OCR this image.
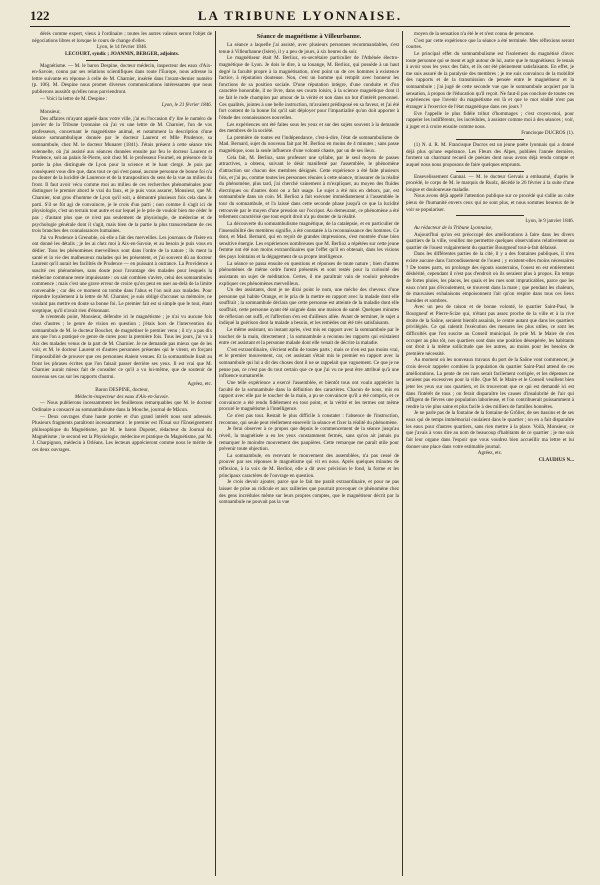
122	LA TRIBUNE LYONNAISE.

dérés comme expert, vieux à l'ordinaire ; toutes les autres valeurs seront l'objet de négociations libres et lorsque le cours de change d'elles.

Lyon, le 14 février 1846.

LECOURT, syndic ; JOANNIN, BERGER, adjoints.

Magnétisme. — M. le baron Despine, docteur médecin, inspecteur des eaux d'Aix-en-Savoie, connu par ses relations scientifiques dans toute l'Europe, nous adresse la lettre suivante en réponse à celle de M. Charnier, insérée dans l'avant-dernier numéro (p. 106). M. Despine nous promet diverses communications intéressantes que nous publierons aussitôt qu'elles nous parviendront.

— Voici la lettre de M. Despine :

Lyon, le 21 février 1846.

Monsieur,

Des affaires m'ayant appelé dans votre ville, j'ai eu l'occasion d'y lire le numéro de janvier de la Tribune lyonnaise où j'ai vu une lettre de M. Charnier, l'un de vos professeurs, concernant le magnétisme animal, et notamment la description d'une séance somnambulique donnée par le docteur Laurent et Mlle Prudence, sa somnambule, chez M. le docteur Munaret (1841). J'étais présent à cette séance très solennelle, où j'ai assisté aux séances données ensuite par feu le docteur Laurent et Prudence, soit au palais St-Pierre, soit chez M. le professeur Fournel, en présence de la partie la plus distinguée de Lyon pour la science et le haut clergé. Je puis par conséquent vous dire que, dans tout ce qui s'est passé, aucune personne de bonne foi n'a pu douter de la lucidité de Laurence et de la transposition du sens de la vue au milieu du front. Il faut avoir vécu comme moi au milieu de ces recherches phénoménales pour distinguer le premier abord le vrai du faux, et je puis vous assurer, Monsieur, que M. Charnier, tout gros d'homme de Lyon qu'il soit, a démontré plusieurs fois cela dans le parti. S'il se fût agi de convaincre, je le crois d'un parti ; non comme il s'agit ici de physiologie, c'est un terrain tout autre et sur lequel je le prie de vouloir bien me céder le pas ; d'autant plus que ce n'est pas seulement de physiologie, de médecine et de psychologie générale dont il s'agit, mais bien de la partie la plus transcendante de ces trois branches des connaissances humaines.

J'ai vu Prudence à Grenoble, où elle a fait des merveilles. Les journaux de l'Isère en ont donné les détails ; je les ai chez moi à Aix-en-Savoie, et au besoin je puis vous en dédier. Tous les phénomènes merveilleux sont dans l'ordre de la nature ; ils ment la santé et la vie des malheureux malades qui les présentent, et j'ai souvent dû au docteur Laurent qu'il aurait les facilités de Prudence — en puissant à outrance. La Providence a suscité ces phénomènes, sans doute pour l'avantage des malades pour lesquels la médecine commune reste impuissante : on sait combien s'avère, celui des somnambules commence ; mais c'est une grave erreur de croire qu'on peut en user au-delà de la limite convenable ; car dès ce moment on tombe dans l'abus et l'on nuit aux malades. Pour répondre loyalement à la lettre de M. Charnier, je suis obligé d'accuser sa mémoire, ne voulant pas mettre en doute sa bonne foi. Le premier fait est si simple que le tout, étant sceptique, qu'il n'avait rien d'étonnant.

Je n'entends point, Monsieur, défendre ici le magnétisme ; je n'ai vu aucune fois chez d'autres ; le genre de vision en question ; j'étais hors de l'intervention du somnambule de M. le docteur Bouchet, de magnétiser le premier venu ; il n'y a pas dix ans que l'on a pratiqué ce genre de cures pour la première fois. Tous les jours, j'ai vu à Aix des malades venus de la part de M. Charnier. Je ne demande pas mieux que de les voir, et M. le docteur Laurent et d'autres personnes présentes qui le virent, en forçant l'impossibilité de prouver que ces personnes étaient venues. Et la somnambule lisait au front les phrases écrites que l'on faisait passer derrière ses yeux. Il est vrai que M. Charnier aurait mieux fait de consulter ce qu'il a vu lui-même, que de soutenir de nouveau ses cas sur les rapports d'autrui.

Agréez, etc.

Baron DESPINE, docteur,

Médecin-inspecteur des eaux d'Aix-en-Savoie.

— Nous publierons incessamment les feuilletons remarquables que M. le docteur Ordinaire a consacré au somnambulisme dans la Mouche, journal de Mâcon.

— Deux ouvrages d'une haute portée et d'un grand intérêt nous sont adressés. Plusieurs fragments paraîtront incessamment : le premier est l'Essai sur l'Enseignement philosophique du Magnétisme, par M. le baron Dupotet, rédacteur du Journal du Magnétisme ; le second est la Physiologie, médecine et pratique du Magnétisme, par M. J. Charpignon, médecin à Orléans. Les lecteurs apprécieront comme nous le mérite de ces deux ouvrages.

Séance de magnétisme à Villeurbanne.

La séance a laquelle j'ai assisté, avec plusieurs personnes recommandables, s'est tenue à Villeurbanne (Isère), il y a peu de jours, à six heures du soir.

Le magnétiseur était M. Berlioz, ex-secrétaire particulier de l'Athénée électro-magnétique de Lyon. Je dois le dire, à sa louange, M. Berlioz, qui possède à un haut degré la faculté propre à la magnétisation, n'est point un de ces hommes à existence factice, à réputation douteuse. Non, c'est un homme qui remplit avec honneur les fonctions de sa position sociale. D'une réputation intègre, d'une conduite et d'un caractère honorable, il ne livre, dans ses courts loisirs, à la science magnétique dont il ne fait le rude champion par amour de la vérité et non dans un but d'intérêt personnel. Ces qualités, jointes à une belle instruction, m'avaient prédisposé en sa faveur, et j'ai été fort content de la bonne foi qu'il sait déployer pour l'impartialité qu'on doit apporter à l'étude des connaissances nouvelles.

Les expériences ont été faites sous les yeux et sur des sujets souvent à la demande des membres de la société.

La première de toutes est l'indépendance, c'est-à-dire, l'état de somnambulisme de Mad. Bernard, sujet du nouveau fait par M. Berlioz en moins de 4 minutes ; sans passe magnétique, sous la seule influence d'une volonté chaste, par un de ses lieux.

Cela fait, M. Berlioz, sans professer une syllabe, par le seul moyen de passes attractives, a obtenu, suivant le désir manifesté par l'assemblée, le phénomène d'attraction sur chacun des membres désignés. Cette expérience a été faite plusieurs fois, et j'ai pu, comme toutes les personnes réunies à cette séance, m'assurer de la réalité du phénomène, plus tard, j'ai cherché vainement à m'expliquer, au moyen des fluides électriques ou d'autres dont on a fait usage. Le sujet a été mis en dehors, par, est somnambule dans un coin. M. Berlioz a fait exécuter immédiatement à l'assemblée le tour du somnambule, et l'a laissé dans cette seconde phase jusqu'à ce que la lucidité retrouvée par le moyen d'une pression sur l'occiput. Au demeurant, ce phénomène a été tellement caractérisé que tout esprit droit n'a pu douter de la réalité.

La découverte du somnambulisme magnétique, de la catalepsie, et en particulier de l'insensibilité des membres signifie, a été constatée à la reconnaissance des hommes. Ce dont, et Mad. Bernard, qui en reçoit de grandes impressions, s'est montrée d'une bien sensitive énergie. Les expériences nombreuses que M. Berlioz a répétées sur cette jeune femme ont été non moins extraordinaires que l'effet qu'il en obtenait, dans les visions des pays lointains et la dégagement de sa propre intelligence.

La séance se passa ensuite en questions et réponses de toute nature ; bien d'autres phénomènes de même ordre furent présentés et sont restés pour la curiosité des assistants un sujet de méditation. Certes, il me paraîtrait vain de vouloir prétendre expliquer ces phénomènes merveilleux.

Un des assistants, dont je ne dirai point le nom, une mèche des cheveux d'une personne qui habite Orange, et le pria de la mettre en rapport avec la malade dont elle souffrait ; la somnambule déclara que cette personne est atteinte de la maladie dont elle souffrait, cette personne ayant été soignée dans une maison de santé. Quelques minutes de réflexion ont suffi, et l'affection s'en est d'ailleurs allée. Avant de terminer, le sujet a indiqué la guérison dont la malade a besoin, et les remèdes ont été très satisfaisants.

Le même assistant, un instant après, s'est mis en rapport avec la somnambule par le toucher de la main, directement ; la somnambule a reconnu les rapports qui existaient entre cet assistant et la personne malade dont elle venait de décrire la maladie.

C'est extraordinaire, s'écrient enfin de toutes parts ; mais ce n'en est pas moins vrai, et le premier mouvement, car, cet assistant s'était mis le premier en rapport avec la somnambule qui lui a dit des choses dont il ne se rappelait que vaguement. Ce que je ne pense pas, ce n'est pas du tout certain que ce que j'ai vu ne peut être attribué qu'à une influence surnaturelle.

Une telle expérience a exercé l'assemblée, et bientôt tous ont voulu apprécier la faculté de la somnambule dans la définition des caractères. Chacun de nous, mis en rapport avec elle par le toucher de la main, a pu se convaincre qu'il a été compris, et ce convaincre a été rendu fidèlement en tout point, et la vérité et les termes ont même procuré le magnétisme à l'intelligence.

Ce n'est pas tout. Restait le plus difficile à constater : l'absence de l'instruction, reconnue, qui seule peut réellement ensevelir la séance et fixer la réalité du phénomène.

Je ferai observer à ce propos que depuis le commencement de la séance jusqu'au réveil, la magnétisée a eu les yeux constamment fermés, sans qu'on ait jamais pu remarquer le moindre mouvement des paupières. Cette remarque me paraît utile pour prévenir toute objection.

La somnambule, en recevant le mouvement des assemblées, n'a pas cessé de prouver par ses réponses le magnétisme qui vit en nous. Après quelques minutes de réflexion, à la voix de M. Berlioz, elle a dit avec précision le fond, la forme et les principaux caractères de l'ouvrage en question.

Je crois devoir ajouter, parce que le fait me paraît extraordinaire, et pour ne pas laisser de prise au ridicule et aux railleries que pourrait provoquer ce phénomène chez des gens incrédules même sur leurs propres comptes, que le magnétiseur décrit par la somnambule ne pouvait pas la vue

moyen de la sensation n'a été le et n'est connu de personne.

C'est par cette expérience que la séance a été terminée. Mes réflexions seront courtes.

Le principal effet du somnambulisme est l'isolement du magnétisé d'avec toute personne qui se meut et agit autour de lui, autre que le magnétiseur. Je tenais à avoir sous les yeux des faits, et ils ont été pleinement satisfaisants. En effet, je me suis assuré de la paralysie des membres ; je me suis convaincu de la mobilité des rapports et de la transmission de pensée entre le magnétiseur et la somnambule ; j'ai jugé de cette seconde vue que le somnambule acquiert par la sensation, à propos de l'éducation qu'il reçoit. Ne faut-il pas conclure de toutes ces expériences que l'avenir du magnétisme est là et que le mot réalité n'est pas étranger à l'exercice de l'état magnétique dans ces jours ?

Eve l'appelle le plus fidèle tribut d'hommages ; c'est croyez-moi, pour rappeler les indifférents, les incrédules, à assister comme moi à des séances ; voir, à juger et à croire ensuite comme nous.

Francisque DUCROS (1).

(1) N. d. R. M. Francisque Ducros est un jeune poète lyonnais qui a donné déjà plus qu'une espérance. Les Fleurs des Alpes, publiées l'année dernière, forment un charmant recueil de poésies dont nous avons déjà rendu compte et auquel nous nous proposons de faire quelques emprunts.

Ensevelissement Gannal. — M. le docteur Gervais a embaumé, d'après le procédé, le corps de M. le marquis de Ruolz, décédé le 26 février à la suite d'une longue et douloureuse maladie.

Nous avons déjà appelé l'attention publique sur ce procédé qui s'allie au culte pieux de l'humanité envers ceux qui ne sont plus, et nous sommes heureux de le voir se populariser.

Lyon, le 9 janvier 1846.

Au rédacteur de la Tribune Lyonnaise,

Aujourd'hui qu'on est préoccupé des améliorations à faire dans les divers quartiers de la ville, veuillez me permettre quelques observations relativement au quartier de l'ouest vulgairement du quartier Bourgneuf tout-à-fait délaissé.

Dans les différentes parties de la cité, il y a des fontaines publiques, il n'en existe aucune dans l'arrondissement de l'ouest ; y existent-elles moins nécessaires ? De toutes parts, on prolonge des égouts souterrains, l'ouest en est entièrement déshérité, cependant il n'est pas d'endroit où ils seraient plus à propos. En temps de fortes pluies, les places, les quais et les rues sont impraticables, parce que les eaux n'ont pas d'écoulement, se trouvent dans la mare ; que pendant les chaleurs, de mauvaises exhalaisons empoisonnent l'air qu'on respire dans tous ces lieux humides et sombres.

Avec un peu de raison et de bonne volonté, le quartier Saint-Paul, le Bourgneuf et Pierre-Scize qui, n'étant pas assez proche de la ville et à la rive droite de la Saône, seraient bientôt assainis, le centre autant que dans les quartiers privilégiés. Ce qui ralentit l'exécution des mesures les plus utiles, ce sont les difficultés que l'on suscite au Conseil municipal. Je prie M. le Maire de s'en occuper au plus tôt, nos quartiers sont dans une position désespérée, les habitants ont droit à la même sollicitude que les autres, au moins pour les besoins de première nécessité.

Au moment où les nouveaux travaux du port de la Saône vont commencer, je crois devoir rappeler combien la population du quartier Saint-Paul attend de ces améliorations. La pente de ces rues serait facilement corrigée, et les dépenses ne seraient pas excessives pour la ville. Que M. le Maire et le Conseil veuillent bien jeter les yeux sur nos quartiers, et ils trouveront que ce qui est demandé ici est dans l'intérêt de tous ; on ferait disparaître les causes d'insalubrité de l'air qui affligent de fièvres une population laborieuse, et l'on contribuerait puissamment à rendre la vie plus saine et plus facile à des milliers de familles honnêtes.

Je ne parle pas de la fontaine de la fontaine de Grôlier, de ses bassins et de ses eaux qui de temps immémorial coulaient dans le quartier ; on en a fait disparaître les eaux pour d'autres quartiers, sans rien mettre à la place. Voilà, Monsieur, ce que j'avais à vous dire au nom de beaucoup d'habitants de ce quartier ; je me suis fait leur organe dans l'espoir que vous voudrez bien accueillir ma lettre et lui donner une place dans votre estimable journal.

Agréez, etc.

CLAUDIUS N...
